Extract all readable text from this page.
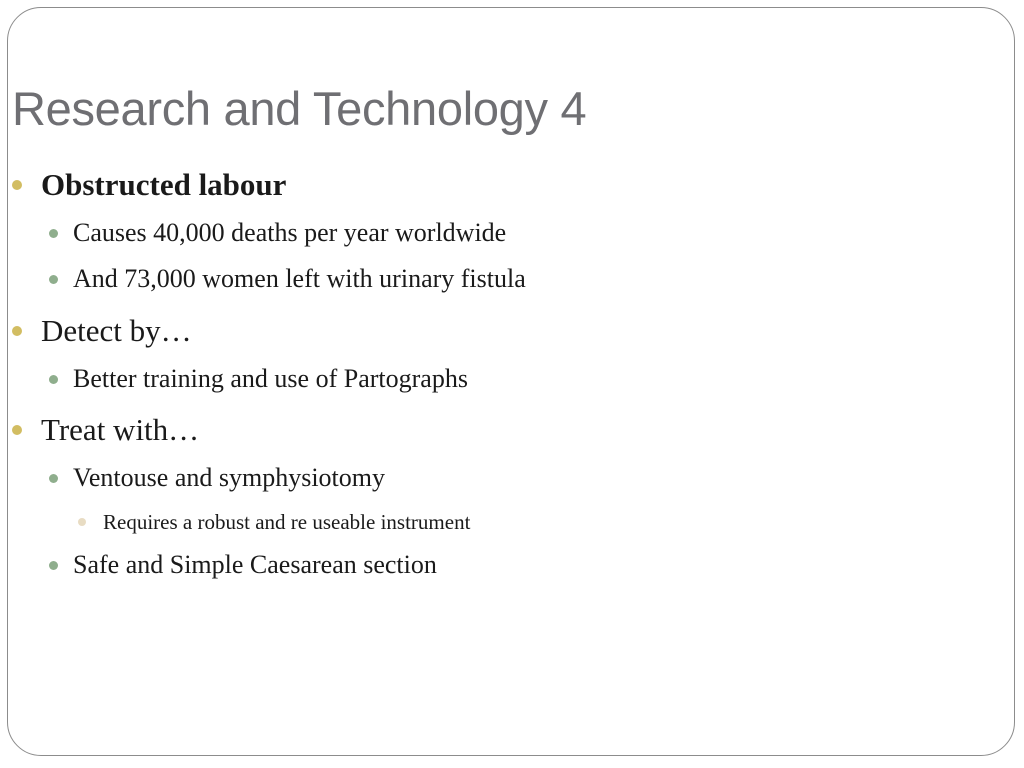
Research and Technology 4
Obstructed labour
Causes 40,000 deaths per year worldwide
And 73,000 women left with urinary fistula
Detect by…
Better training and use of Partographs
Treat with…
Ventouse and symphysiotomy
Requires a robust and re useable instrument
Safe and Simple Caesarean section
